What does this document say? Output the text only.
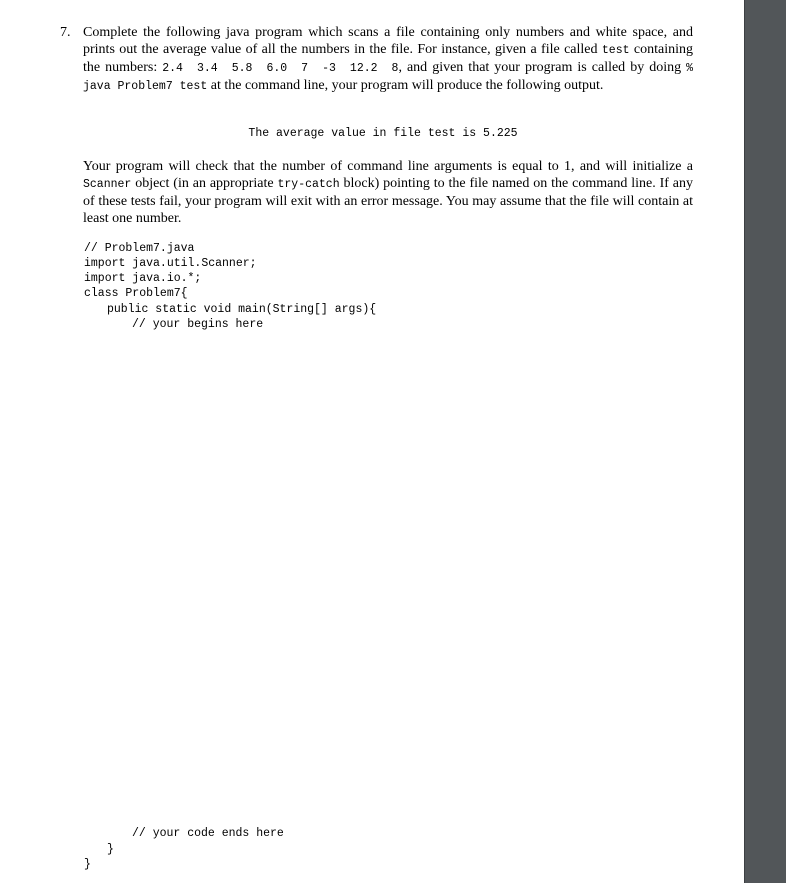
7. Complete the following java program which scans a file containing only numbers and white space, and prints out the average value of all the numbers in the file. For instance, given a file called test containing the numbers: 2.4 3.4 5.8 6.0 7 -3 12.2 8, and given that your program is called by doing % java Problem7 test at the command line, your program will produce the following output.
The average value in file test is 5.225
Your program will check that the number of command line arguments is equal to 1, and will initialize a Scanner object (in an appropriate try-catch block) pointing to the file named on the command line. If any of these tests fail, your program will exit with an error message. You may assume that the file will contain at least one number.
// Problem7.java
import java.util.Scanner;
import java.io.*;
class Problem7{
public static void main(String[] args){
// your begins here
// your code ends here
}
}
